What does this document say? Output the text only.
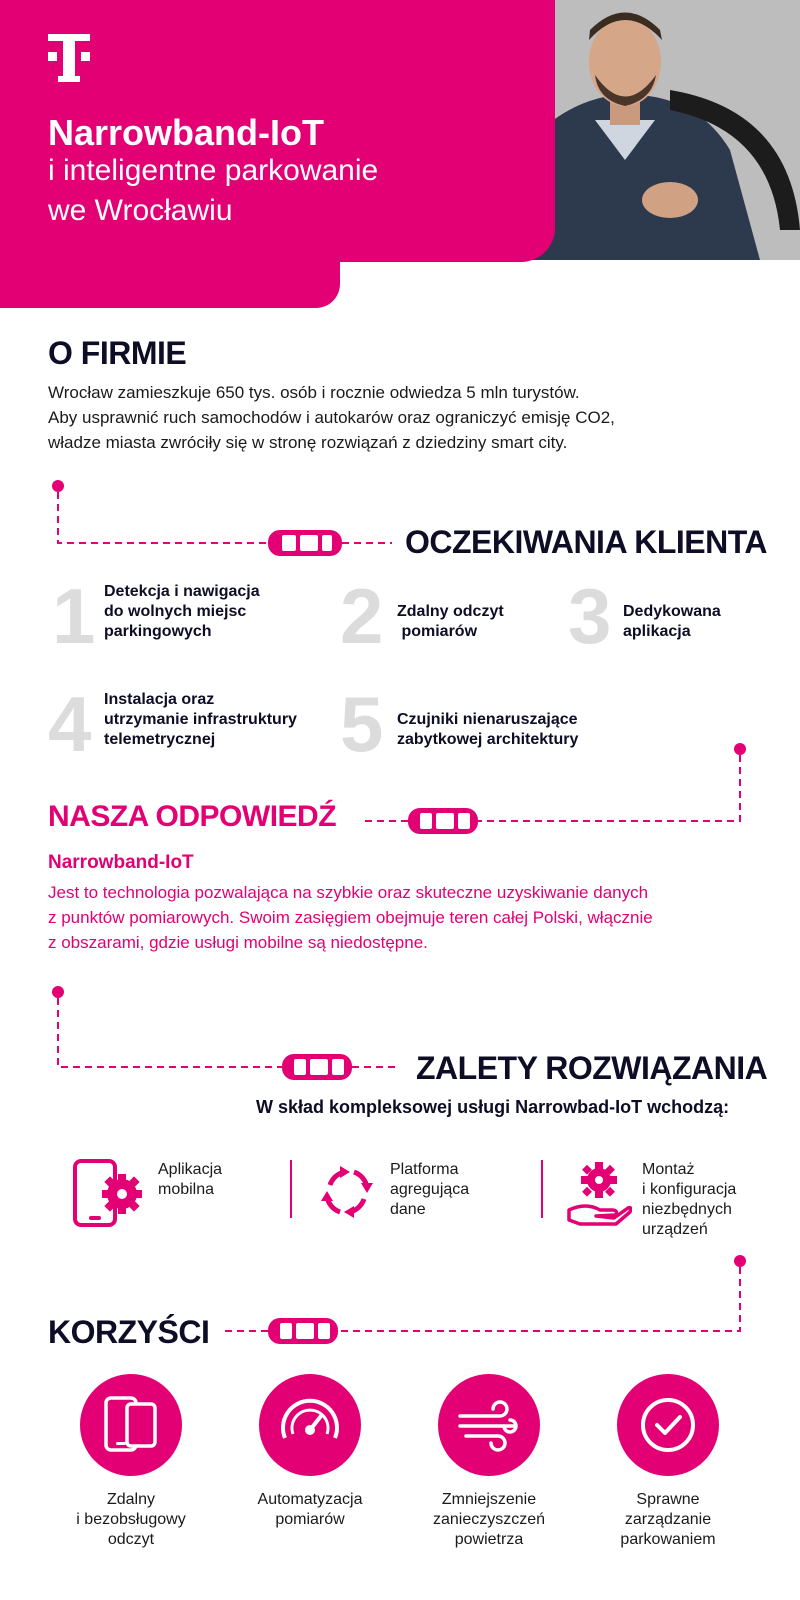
Narrowband-IoT
i inteligentne parkowanie
we Wrocławiu
O FIRMIE

Wrocław zamieszkuje 650 tys. osób i rocznie odwiedza 5 mln turystów.

Aby usprawnić ruch samochodów i autokarów oraz ograniczyć emisję CO2,

władze miasta zwróciły się w stronę rozwiązań z dziedziny smart city.

OCZEKIWANIA KLIENTA
1 Detekcja i nawigacja
do wolnych miejsc
parkingowych	2 Zdalny odczyt
pomiarów	3 Dedykowana
aplikacja
4 Instalacja oraz
utrzymanie infrastruktury
telemetrycznej	5 Czujniki nienaruszające
zabytkowej architektury
NASZA ODPOWIEDŹ
Narrowband-IoT

Jest to technologia pozwalająca na szybkie oraz skuteczne uzyskiwanie danych

z punktów pomiarowych. Swoim zasięgiem obejmuje teren całej Polski, włącznie

z obszarami, gdzie usługi mobilne są niedostępne.

ZALETY ROZWIĄZANIA
W skład kompleksowej usługi Narrowbad-IoT wchodzą:
Aplikacja
mobilna
Platforma
agregująca
dane
Montaż
i konfiguracja
niezbędnych
urządzeń
KORZYŚCI
Zdalny
i bezobsługowy
odczyt
Automatyzacja
pomiarów
Zmniejszenie
zanieczyszczeń
powietrza
Sprawne
zarządzanie
parkowaniem
